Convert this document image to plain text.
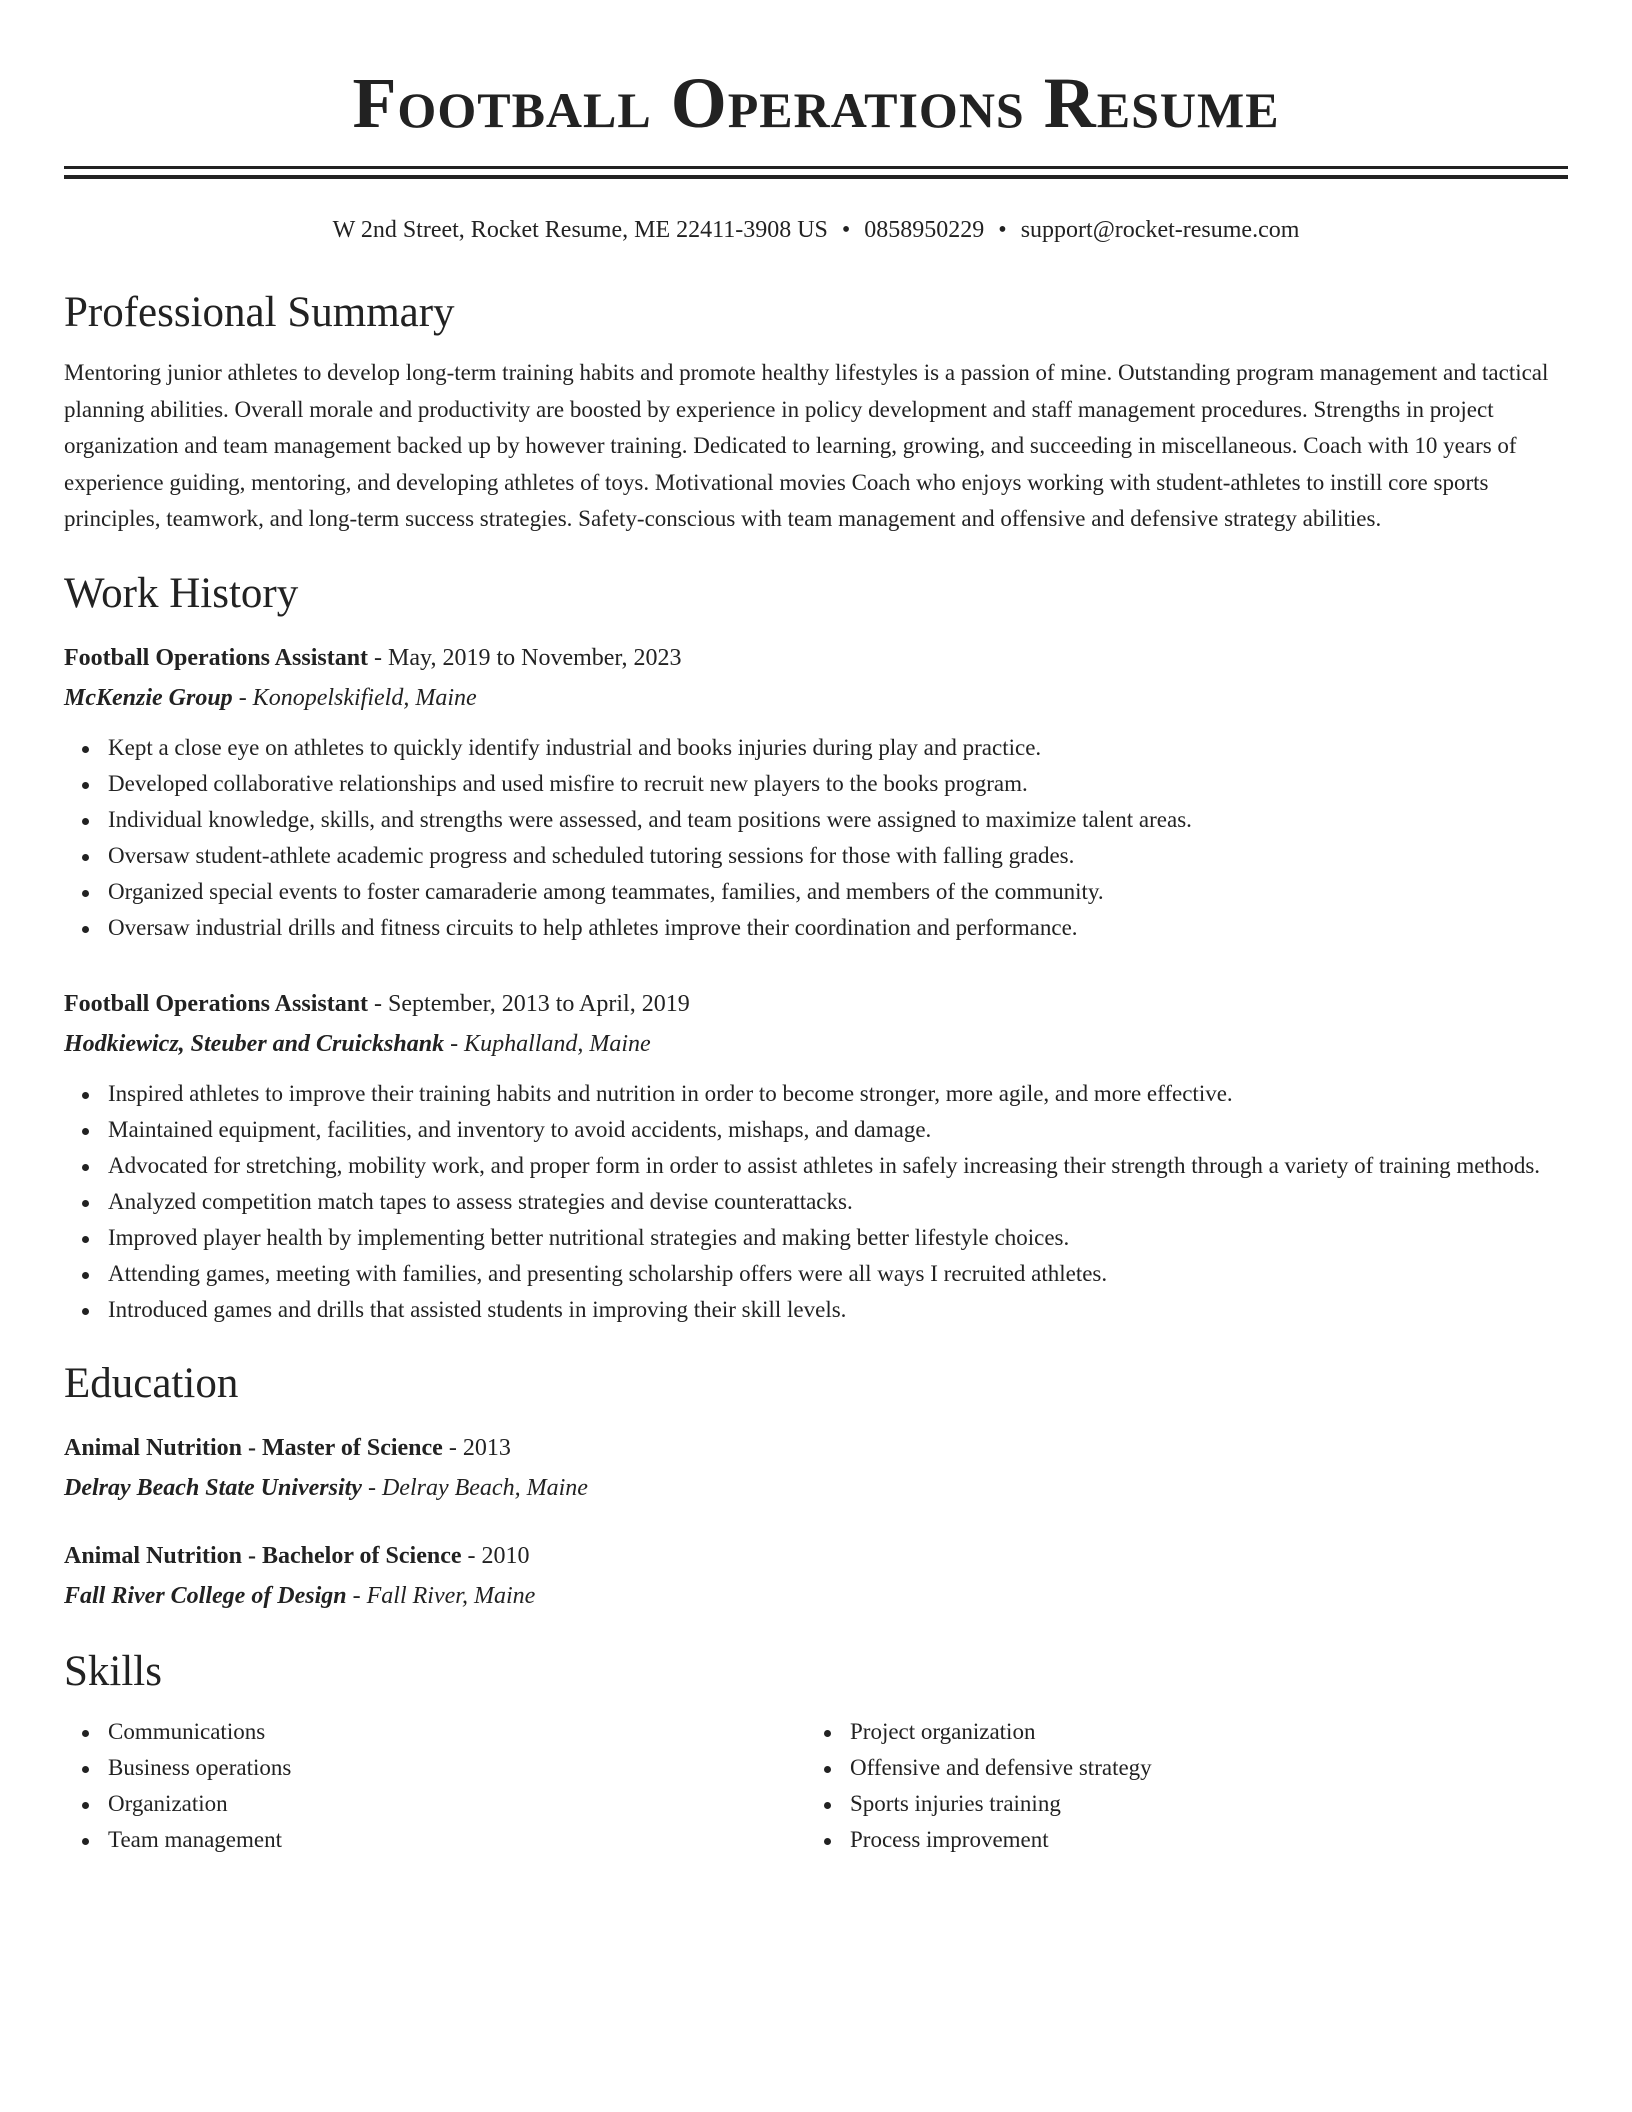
Football Operations Resume
W 2nd Street, Rocket Resume, ME 22411-3908 US • 0858950229 • support@rocket-resume.com
Professional Summary
Mentoring junior athletes to develop long-term training habits and promote healthy lifestyles is a passion of mine. Outstanding program management and tactical planning abilities. Overall morale and productivity are boosted by experience in policy development and staff management procedures. Strengths in project organization and team management backed up by however training. Dedicated to learning, growing, and succeeding in miscellaneous. Coach with 10 years of experience guiding, mentoring, and developing athletes of toys. Motivational movies Coach who enjoys working with student-athletes to instill core sports principles, teamwork, and long-term success strategies. Safety-conscious with team management and offensive and defensive strategy abilities.
Work History
Football Operations Assistant - May, 2019 to November, 2023
McKenzie Group - Konopelskifield, Maine
Kept a close eye on athletes to quickly identify industrial and books injuries during play and practice.
Developed collaborative relationships and used misfire to recruit new players to the books program.
Individual knowledge, skills, and strengths were assessed, and team positions were assigned to maximize talent areas.
Oversaw student-athlete academic progress and scheduled tutoring sessions for those with falling grades.
Organized special events to foster camaraderie among teammates, families, and members of the community.
Oversaw industrial drills and fitness circuits to help athletes improve their coordination and performance.
Football Operations Assistant - September, 2013 to April, 2019
Hodkiewicz, Steuber and Cruickshank - Kuphalland, Maine
Inspired athletes to improve their training habits and nutrition in order to become stronger, more agile, and more effective.
Maintained equipment, facilities, and inventory to avoid accidents, mishaps, and damage.
Advocated for stretching, mobility work, and proper form in order to assist athletes in safely increasing their strength through a variety of training methods.
Analyzed competition match tapes to assess strategies and devise counterattacks.
Improved player health by implementing better nutritional strategies and making better lifestyle choices.
Attending games, meeting with families, and presenting scholarship offers were all ways I recruited athletes.
Introduced games and drills that assisted students in improving their skill levels.
Education
Animal Nutrition - Master of Science - 2013
Delray Beach State University - Delray Beach, Maine
Animal Nutrition - Bachelor of Science - 2010
Fall River College of Design - Fall River, Maine
Skills
Communications
Business operations
Organization
Team management
Project organization
Offensive and defensive strategy
Sports injuries training
Process improvement
